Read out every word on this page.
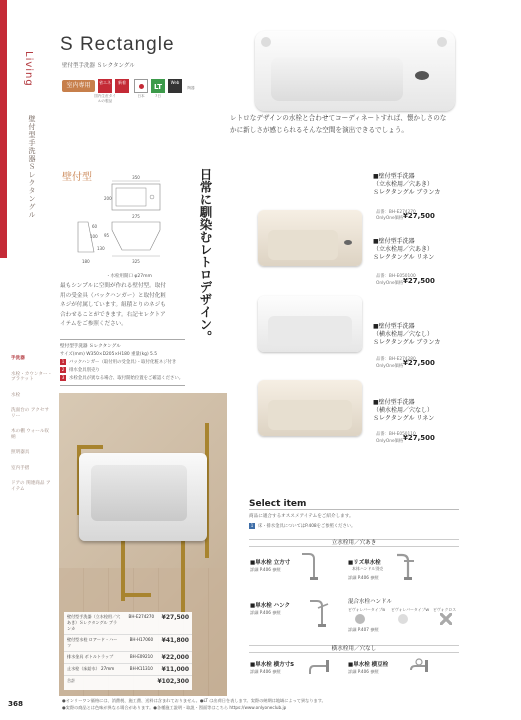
Living
壁付型手洗器Ｓレクタングル
手洗器
水栓・カウンター・ブラケット
水栓
洗面台の アクセサリー
木の棚 ウォール収納
照明器具
室内手摺
ドアの 関連商品 アイテム
S Rectangle
壁付型手洗器 Ｓレクタングル
室内専用	省エネ	新着
LT
Web
国内生産タイルの製品
日本	7日
陶器
レトロなデザインの水栓と合わせてコーディネートすれば、懐かしさのなかに新しさが感じられるそんな空間を演出できるでしょう。
壁付型	350
200
275
60
95
100
130
180	325
・水栓用開口 φ27mm
最もシンプルに空間が作れる壁付型。取付用の受金具（バックハンガー）と取付化粧ネジが付属しています。組積とりのネジも合わせることができます。右記セレクトアイテムをご参照ください。
壁付型手洗器 Ｓレクタングル
サイズ(mm) W350×D205×H180 重量(kg) 5.5
1	バックハンガー（取付用の受金具）・取付化粧ネジ付き
2	排水金具別売り
3	水栓金具が異なる場合、取付開始位置をご確認ください。
日常に馴染むレトロデザイン。
壁付型手洗器（立水栓用／穴あき）Ｓレクタングル ブランカ
BH-E274270 ¥27,500
壁付型水栓 ロアード・ハーフ
BH-H17060 ¥41,800
排水金具 ボトルトラップ	BH-E09210 ¥22,000
止水栓（床給水） 27mm	BH-K11310 ¥11,000
合計	¥102,300
■壁付型手洗器
（立水栓用／穴あき）
Ｓレクタングル ブランカ
品番：BH-E274270
OnlyOne価格 ¥27,500
■壁付型手洗器
（立水栓用／穴あき）
Ｓレクタングル リネン
品番：BH-E050100
OnlyOne価格 ¥27,500
■壁付型手洗器
（横水栓用／穴なし）
Ｓレクタングル ブランカ
品番：BH-E274280
OnlyOne価格 ¥27,500
■壁付型手洗器
（横水栓用／穴なし）
Ｓレクタングル リネン
品番：BH-E050110
OnlyOne価格 ¥27,500
Select item
商品に適合するオススメアイテムをご紹介します。
1	床・排水金具についてはP.408をご参照ください。
立水栓用／穴あき
■単水栓 立方寸
詳細 P.406 参照
■リズ単水栓
本体ハンドル別売
詳細 P.406 参照
■単水栓 ハンク
詳細 P.406 参照
混合水栓ハンドル
ビヴォレバータイプB ビヴォレバータイプW ビヴォクロス
詳細 P.407 参照
横水栓用／穴なし
■単水栓 横方寸S
詳細 P.406 参照
■単水栓 横豆栓
詳細 P.406 参照
●オンリーワン価格には、消費税、施工費、送料は含まれておりません。●LT は出荷日を表します。実際の納期は地域によって異なります。
●実際の商品とは色味が異なる場合があります。●各種施工説明・取説・図面等はこちら https://www.onlyonecIub.jp
368
